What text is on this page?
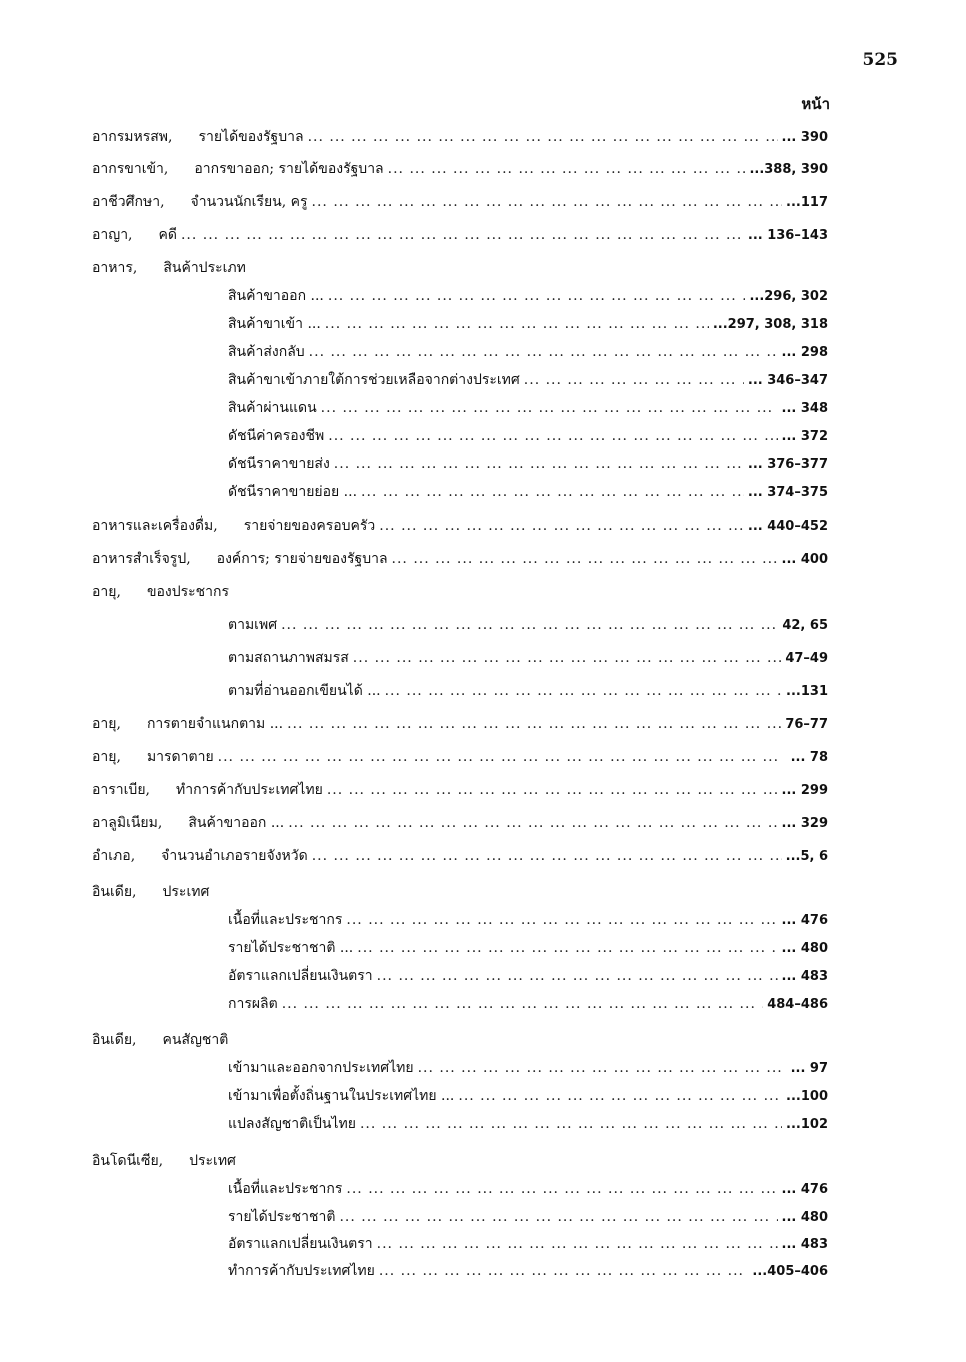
525
หน้า
อากรมหรสพ, รายได้ของรัฐบาล ... .	... 390
อากรขาเข้า, อากรขาออก; รายได้ของรัฐบาล ... .	...388, 390
อาชีวศึกษา, จำนวนนักเรียน, ครู ... .	...117
อาญา, คดี ... .	... 136–143
อาหาร, สินค้าประเภท
สินค้าขาออก ... ... .	...296, 302
สินค้าขาเข้า ... ... .	...297, 308, 318
สินค้าส่งกลับ ... .	... 298
สินค้าขาเข้าภายใต้การช่วยเหลือจากต่างประเทศ ... .	... 346–347
สินค้าผ่านแดน ... .	... 348
ดัชนีค่าครองชีพ ... .	... 372
ดัชนีราคาขายส่ง ... .	... 376–377
ดัชนีราคาขายย่อย ... ... .	... 374–375
อาหารและเครื่องดื่ม, รายจ่ายของครอบครัว ... .	... 440–452
อาหารสำเร็จรูป, องค์การ; รายจ่ายของรัฐบาล ... .	... 400
อายุ, ของประชากร
ตามเพศ ... .	42, 65
ตามสถานภาพสมรส ... .	47–49
ตามที่อ่านออกเขียนได้ ... ... .	...131
อายุ, การตายจำแนกตาม ... ... .	76–77
อายุ, มารดาตาย ... .	... 78
อาราเบีย, ทำการค้ากับประเทศไทย ... .	... 299
อาลูมิเนียม, สินค้าขาออก ... ... .	... 329
อำเภอ, จำนวนอำเภอรายจังหวัด ... .	...5, 6
อินเดีย, ประเทศ
เนื้อที่และประชากร ... .	... 476
รายได้ประชาชาติ ... ... .	... 480
อัตราแลกเปลี่ยนเงินตรา ... .	... 483
การผลิต ... .	484–486
อินเดีย, คนสัญชาติ
เข้ามาและออกจากประเทศไทย ... .	... 97
เข้ามาเพื่อตั้งถิ่นฐานในประเทศไทย ... ... .	...100
แปลงสัญชาติเป็นไทย ... .	...102
อินโดนีเซีย, ประเทศ
เนื้อที่และประชากร ... .	... 476
รายได้ประชาชาติ ... .	... 480
อัตราแลกเปลี่ยนเงินตรา ... .	... 483
ทำการค้ากับประเทศไทย ... .	...405–406
